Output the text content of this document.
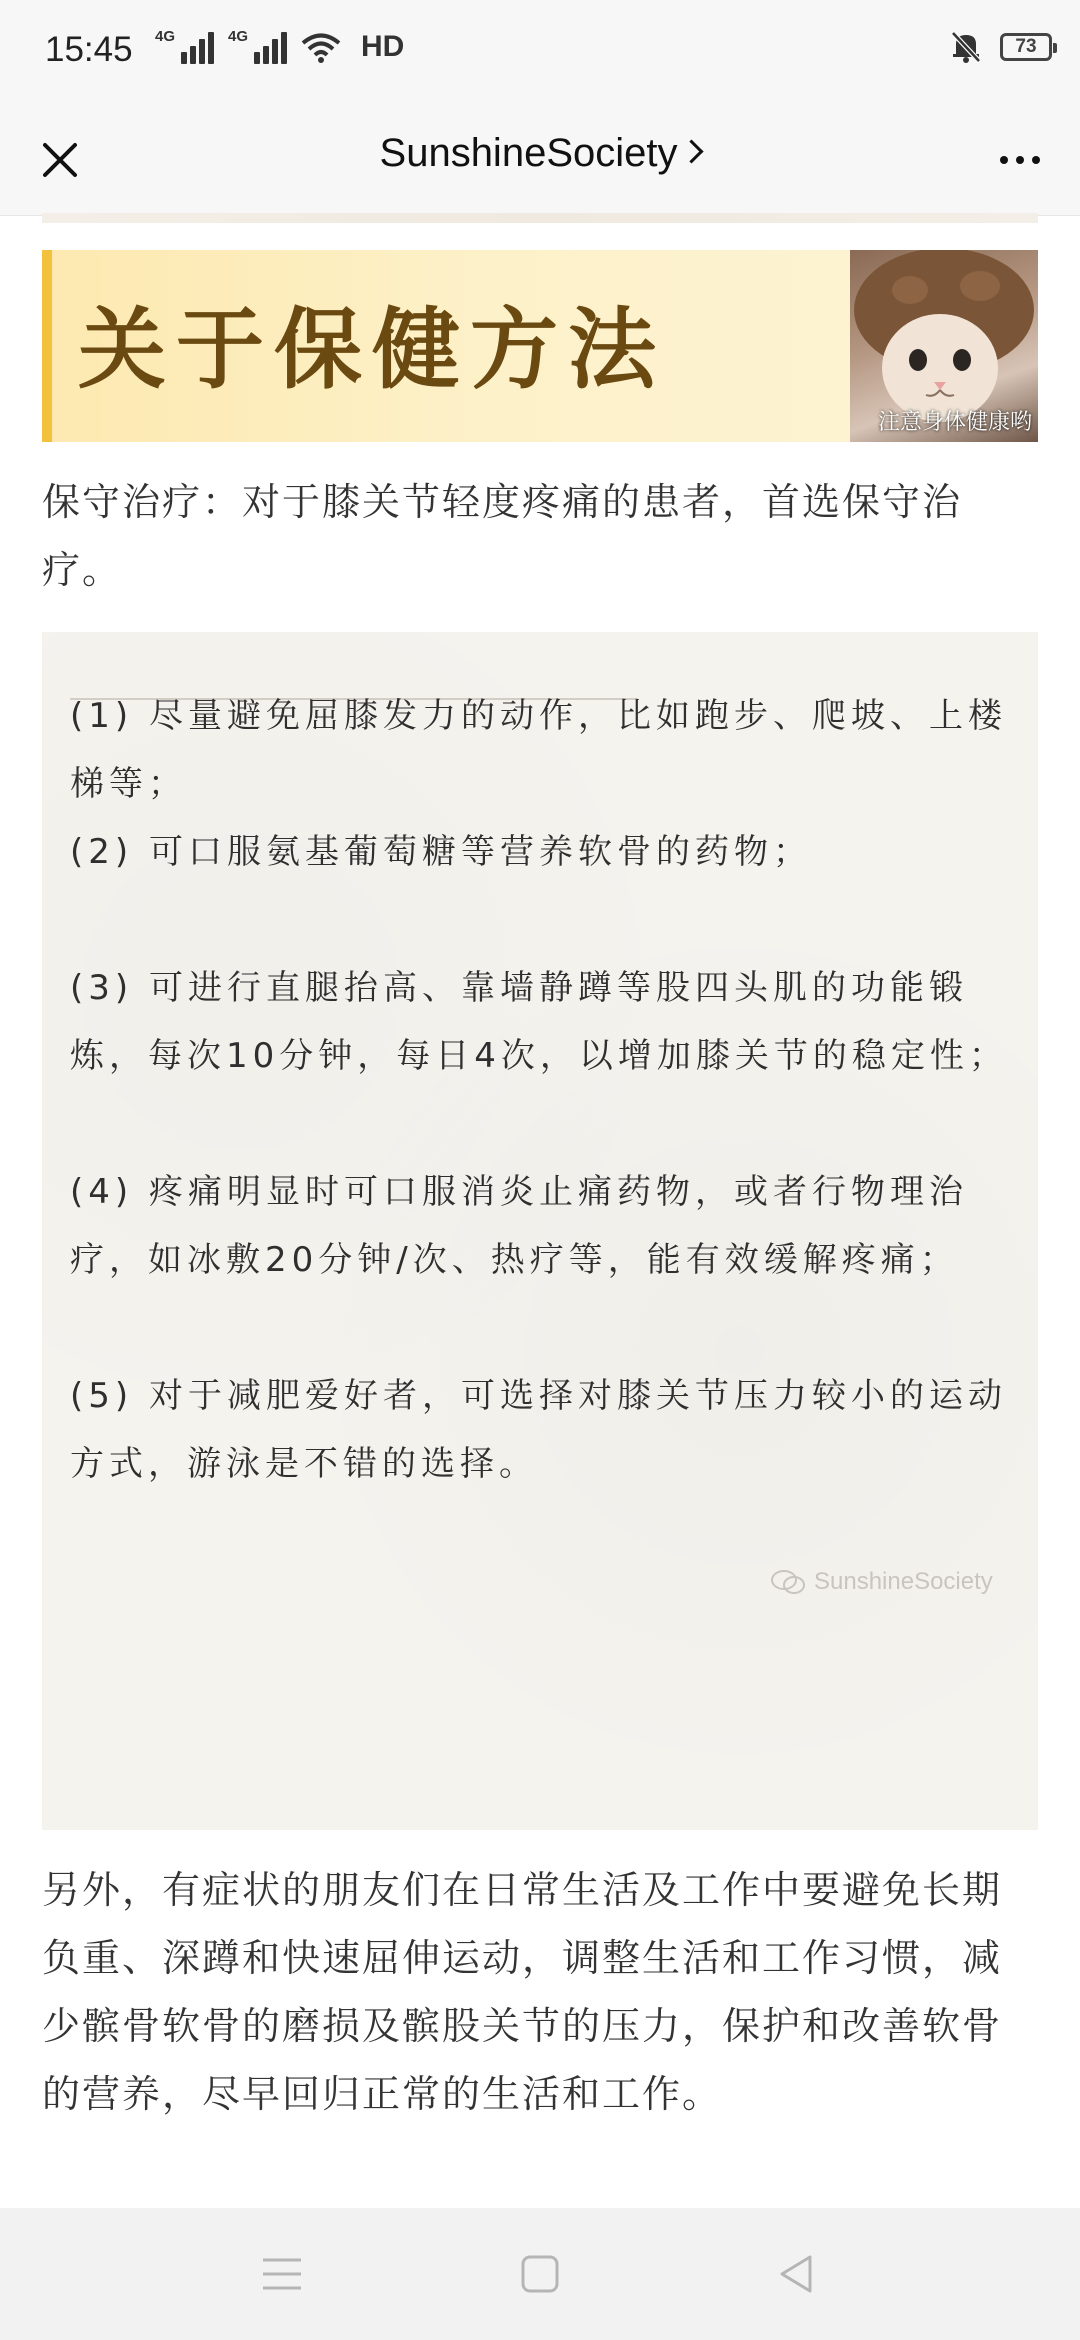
15:45 4G	4G	HD	73
SunshineSociety
关于保健方法
注意身体健康哟

保守治疗：对于膝关节轻度疼痛的患者，首选保守治疗。

(1) 尽量避免屈膝发力的动作，比如跑步、爬坡、上楼梯等；

(2) 可口服氨基葡萄糖等营养软骨的药物；

(3) 可进行直腿抬高、靠墙静蹲等股四头肌的功能锻炼，每次10分钟，每日4次，以增加膝关节的稳定性；

(4) 疼痛明显时可口服消炎止痛药物，或者行物理治疗，如冰敷20分钟/次、热疗等，能有效缓解疼痛；

SunshineSociety

(5) 对于减肥爱好者，可选择对膝关节压力较小的运动方式，游泳是不错的选择。

另外，有症状的朋友们在日常生活及工作中要避免长期负重、深蹲和快速屈伸运动，调整生活和工作习惯，减少髌骨软骨的磨损及髌股关节的压力，保护和改善软骨的营养，尽早回归正常的生活和工作。
